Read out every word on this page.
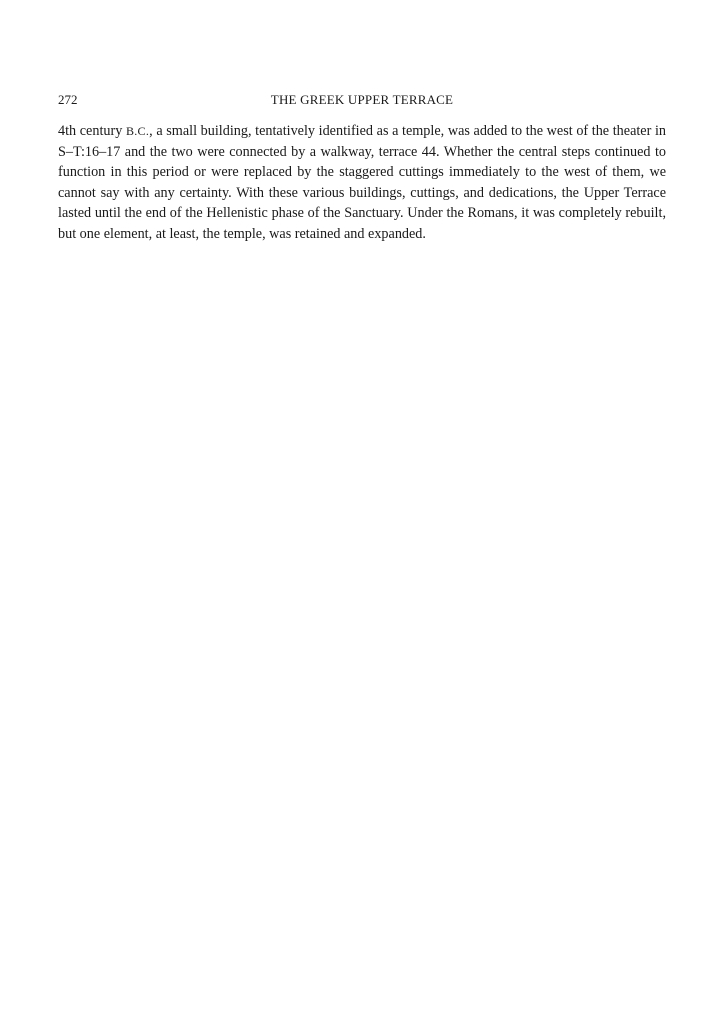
272	THE GREEK UPPER TERRACE

4th century B.C., a small building, tentatively identified as a temple, was added to the west of the theater in S–T:16–17 and the two were connected by a walkway, terrace 44. Whether the central steps continued to function in this period or were replaced by the staggered cuttings immediately to the west of them, we cannot say with any certainty. With these various buildings, cuttings, and dedications, the Upper Terrace lasted until the end of the Hellenistic phase of the Sanctuary. Under the Romans, it was completely rebuilt, but one element, at least, the temple, was retained and expanded.
